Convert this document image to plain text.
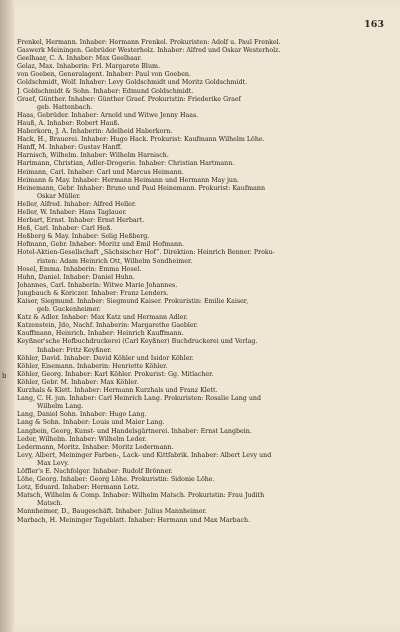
163
b
Frenkel, Hermann. Inhaber: Hermann Frenkel. Prokuristen: Adolf u. Paul Frenkel.
Gaswerk Meiningen. Gebrüder Westerholz. Inhaber: Alfred und Oskar Westerholz.
Geelhaar, C. A. Inhaber: Max Geelhaar.
Gelaz, Max. Inhaberin: Frl. Margarete Blum.
von Goeben, Generalagent. Inhaber: Paul von Goeben.
Goldschmidt, Wolf. Inhaber: Levy Goldschmidt und Moritz Goldschmidt.
J. Goldschmidt & Sohn. Inhaber: Edmund Goldschmidt.
Graef, Günther. Inhaber: Günther Graef. Prokuristin: Friederike Graef
geb. Hattenbach.
Haas, Gebrüder. Inhaber: Arnold und Witwe Jenny Haas.
Hauß, A. Inhaber: Robert Hauß.
Haberkorn, J. A. Inhaberin: Adelheid Haberkorn.
Hack, H., Brauerei. Inhaber: Hugo Hack. Prokurist: Kaufmann Wilhelm Löhe.
Hanff, M. Inhaber: Gustav Hanff.
Harnisch, Wilhelm. Inhaber: Wilhelm Harnisch.
Hartmann, Christian, Adler-Drogerie. Inhaber: Christian Hartmann.
Heimann, Carl. Inhaber: Carl und Marcus Heimann.
Heimann & May. Inhaber: Hermann Heimann und Hermann May jun.
Heinemann, Gebr. Inhaber: Bruno und Paul Heinemann. Prokurist: Kaufmann
Oskar Müller.
Heller, Alfred. Inhaber: Alfred Heller.
Heller, W. Inhaber: Hans Taglauer.
Herbart, Ernst. Inhaber: Ernst Herbart.
Heß, Carl. Inhaber: Carl Heß.
Heßberg & May. Inhaber: Selig Heßberg.
Hofmann, Gebr. Inhaber: Moritz und Emil Hofmann.
Hotel-Aktien-Gesellschaft „Sächsischer Hof“. Direktion: Heinrich Benner. Proku-
risten: Adam Heinrich Ott, Wilhelm Sondheimer.
Hosel, Emma. Inhaberin: Emma Hosel.
Huhn, Daniel. Inhaber: Daniel Huhn.
Johannes, Carl. Inhaberin: Witwe Marie Johannes.
Jungbauch & Koriczer. Inhaber: Franz Lenders.
Kaiser, Siegmund. Inhaber: Siegmund Kaiser. Prokuristin: Emilie Kaiser,
geb. Guckenheimer.
Katz & Adler. Inhaber: Max Katz und Hermann Adler.
Katzenstein, Jdo, Nachf. Inhaberin: Margarethe Gaebler.
Kauffmann, Heinrich. Inhaber: Heinrich Kauffmann.
Keyßner'sche Hofbuchdruckerei (Carl Keyßner) Buchdruckerei und Verlag.
Inhaber: Fritz Keyßner.
Köhler, David. Inhaber: David Köhler und Isidor Köhler.
Köhler, Eisemann. Inhaberin: Henriette Köhler.
Köhler, Georg. Inhaber: Karl Köhler. Prokurist: Gg. Mitlacher.
Köhler, Gebr. M. Inhaber: Max Köhler.
Kurzhals & Klett. Inhaber: Hermann Kurzhals und Franz Klett.
Lang, C. H. jun. Inhaber: Carl Heinrich Lang. Prokuristen: Rosalie Lang und
Wilhelm Lang.
Lang, Daniel Sohn. Inhaber: Hugo Lang.
Lang & Sohn. Inhaber: Louis und Maier Lang.
Langbein, Georg, Kunst- und Handelsgärtnerei. Inhaber: Ernst Langbein.
Leder, Wilhelm. Inhaber: Wilhelm Leder.
Ledermann, Moritz. Inhaber: Moritz Ledermann.
Levy, Albert, Meininger Farben-, Lack- und Kittfabrik. Inhaber: Albert Levy und
Max Levy.
Löffler's E. Nachfolger. Inhaber: Rudolf Brönner.
Löhe, Georg. Inhaber: Georg Löhe. Prokuristin: Sidonie Löhe.
Lotz, Eduard. Inhaber: Hermann Lotz.
Matsch, Wilhelm & Comp. Inhaber: Wilhelm Matsch. Prokuristin: Frau Judith
Matsch.
Mannheimer, D., Baugeschäft. Inhaber: Julius Mannheimer.
Marbach, H. Meininger Tageblatt. Inhaber: Hermann und Max Marbach.
